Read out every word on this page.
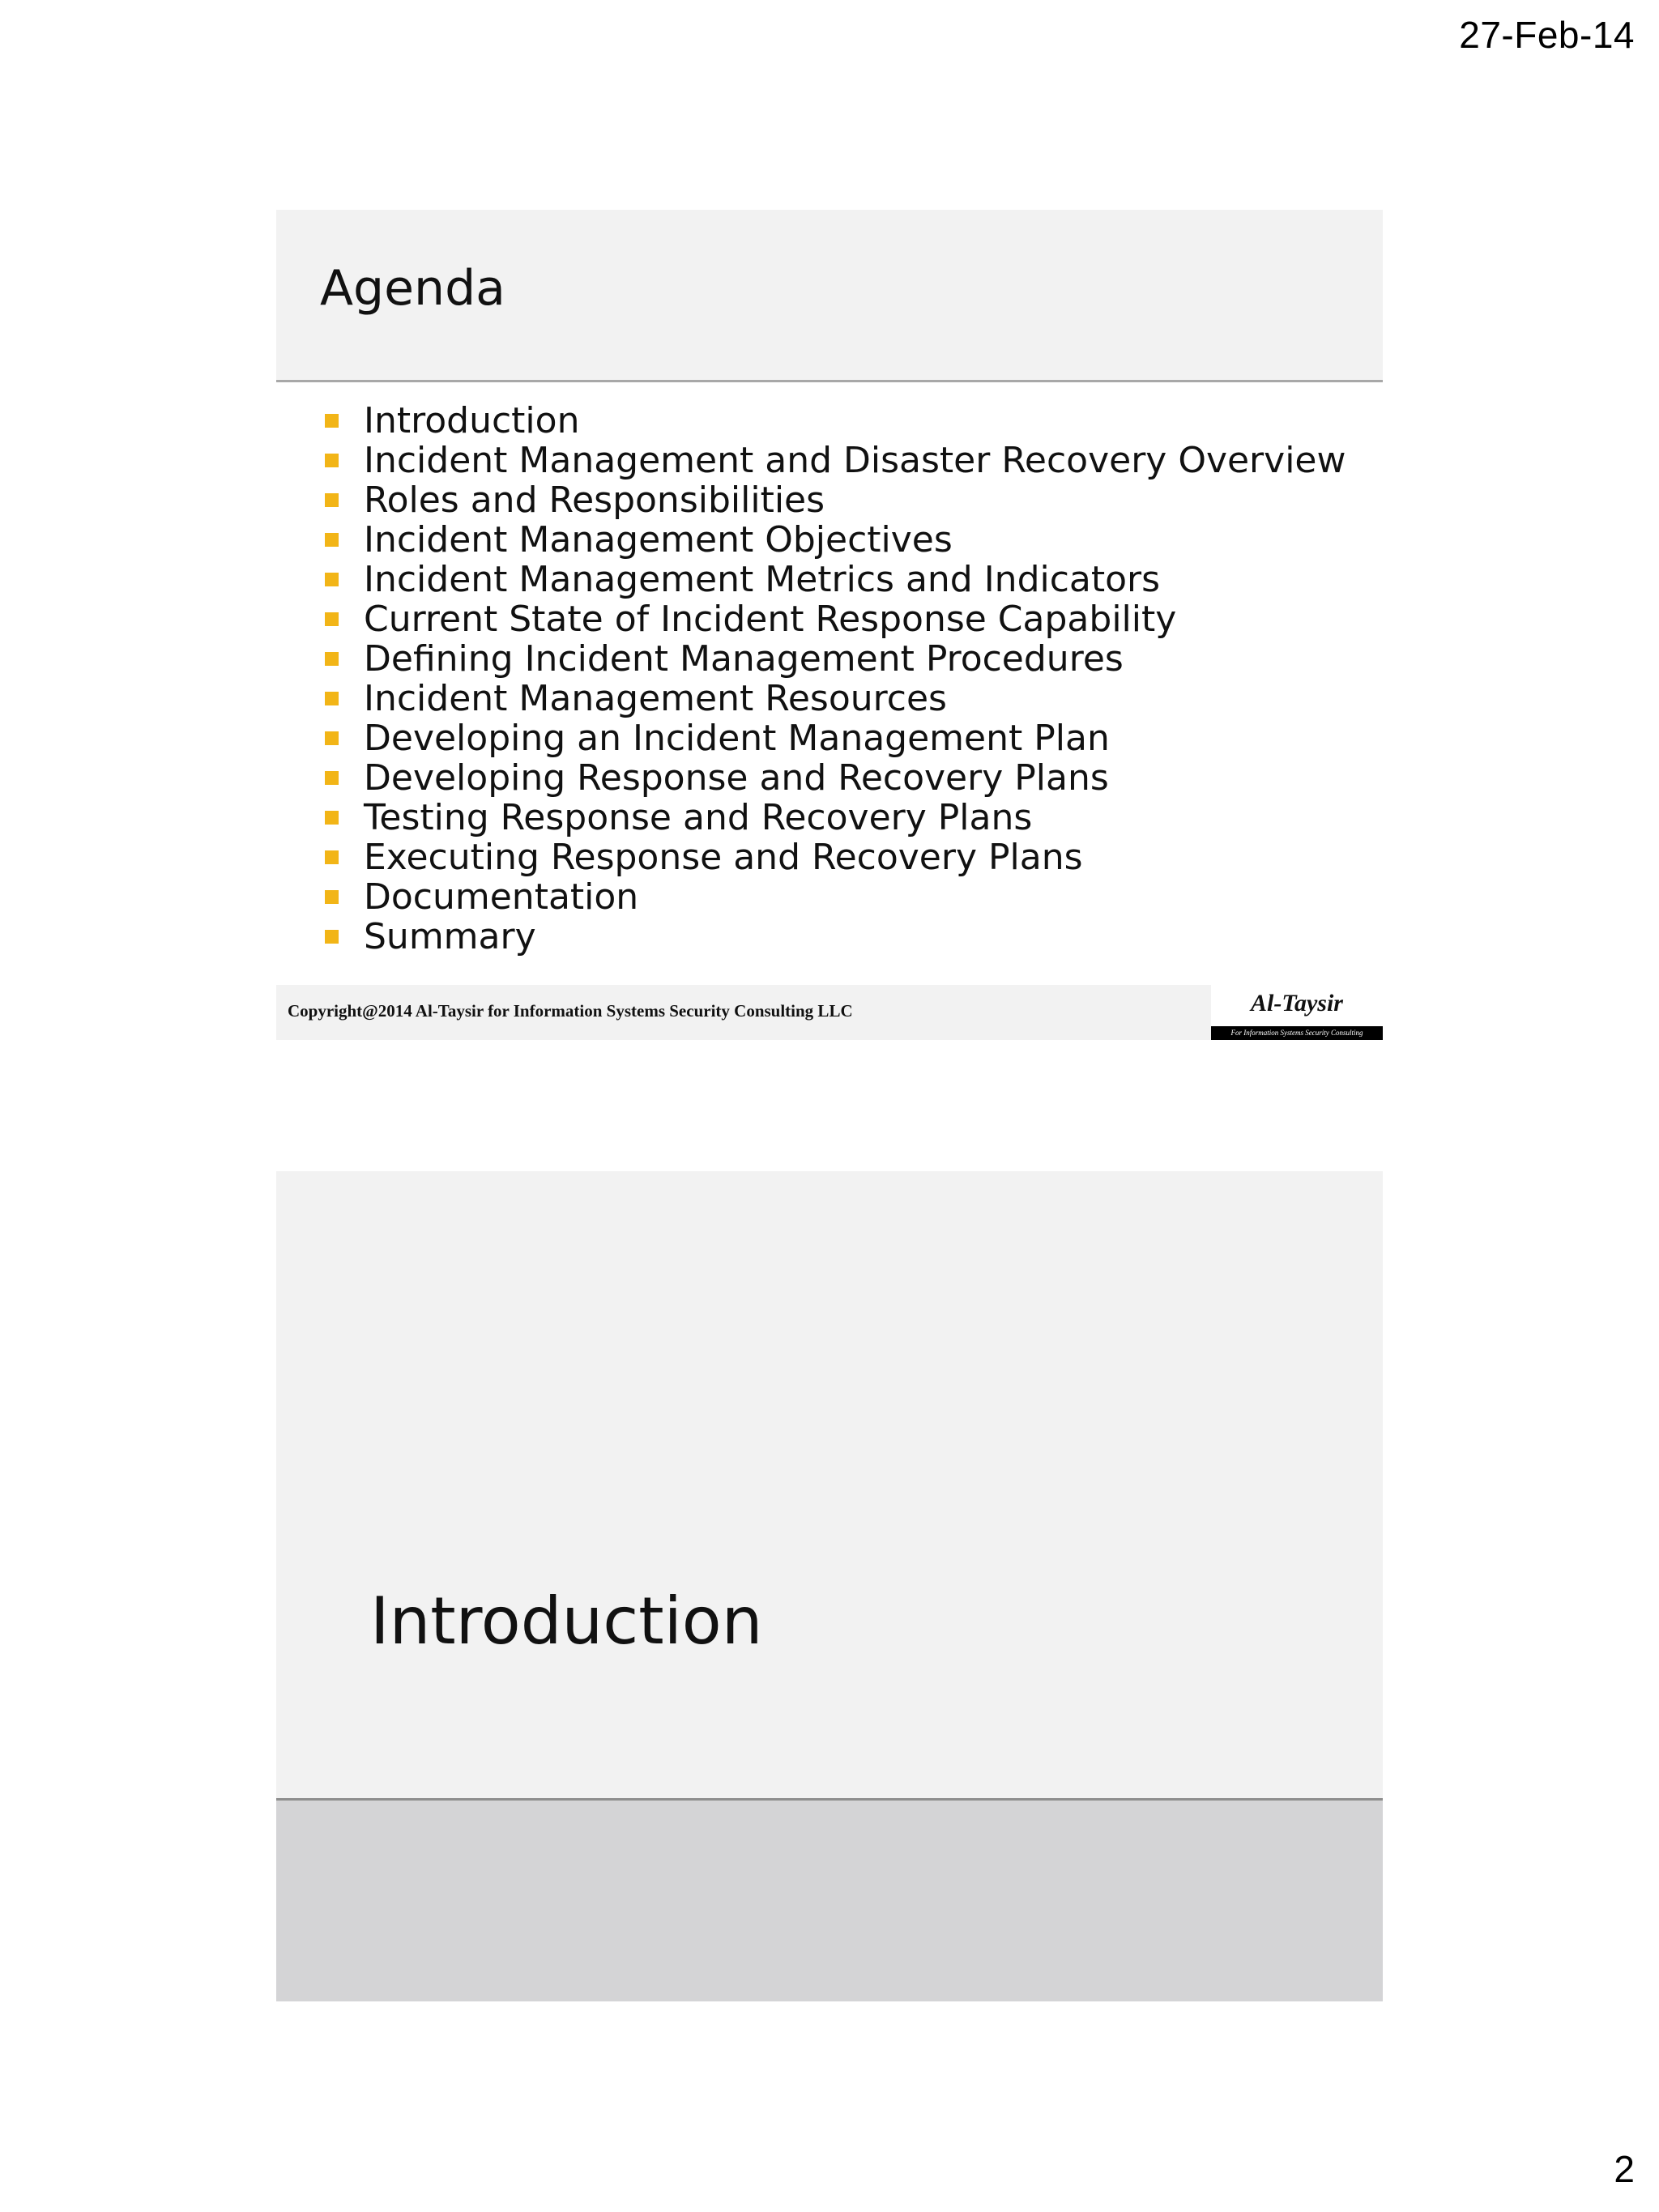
27-Feb-14
Agenda
Introduction
Incident Management and Disaster Recovery Overview
Roles and Responsibilities
Incident Management Objectives
Incident Management Metrics and Indicators
Current State of Incident Response Capability
Defining Incident Management Procedures
Incident Management Resources
Developing an Incident Management Plan
Developing Response and Recovery Plans
Testing Response and Recovery Plans
Executing Response and Recovery Plans
Documentation
Summary
Copyright@2014 Al-Taysir for Information Systems Security Consulting LLC	Al-Taysir
For Information Systems Security Consulting
Introduction
2
